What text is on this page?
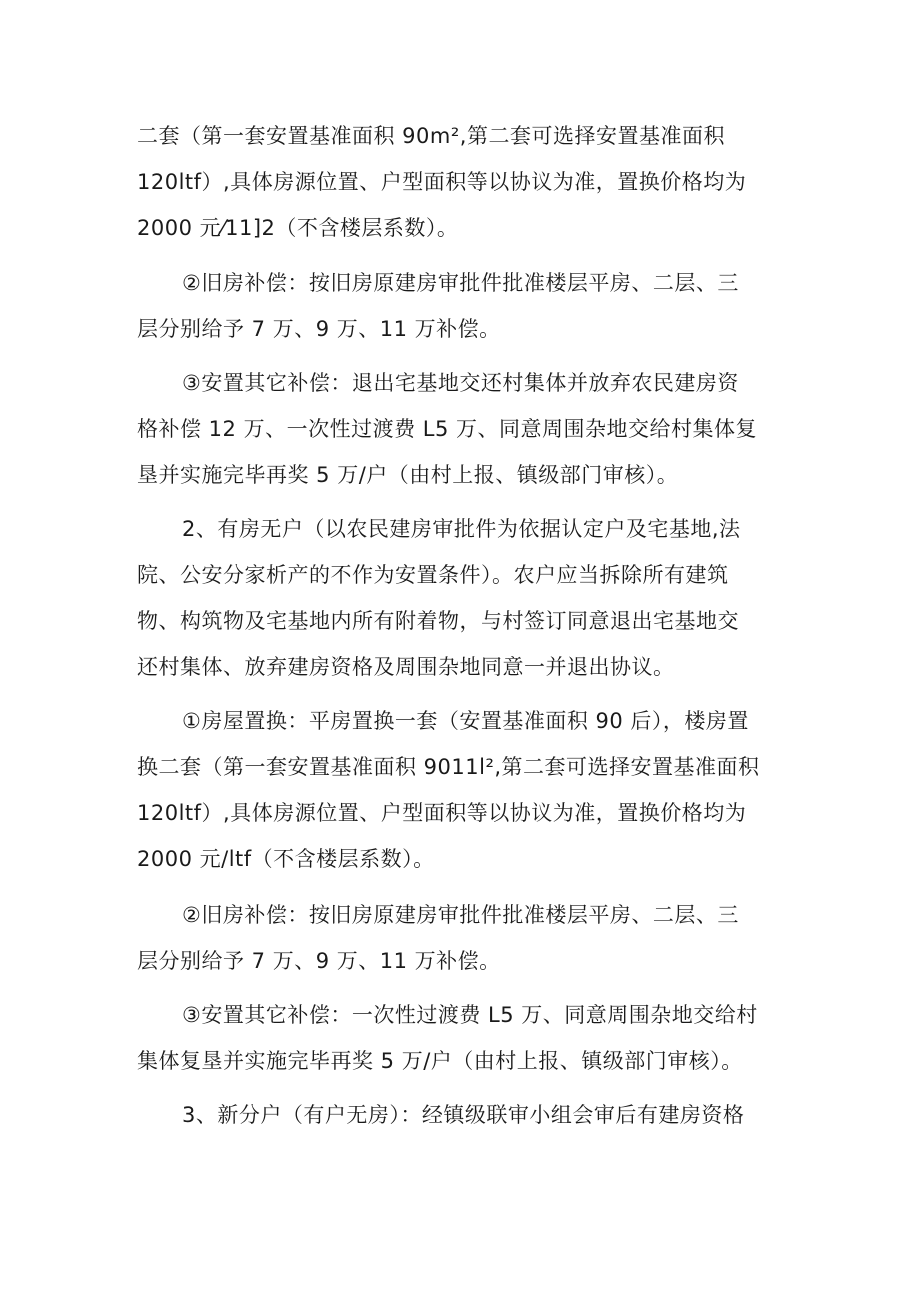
二套（第一套安置基准面积 90m²,第二套可选择安置基准面积
120ltf）,具体房源位置、户型面积等以协议为准，置换价格均为
2000 元⁄11]2（不含楼层系数）。
②旧房补偿：按旧房原建房审批件批准楼层平房、二层、三
层分别给予 7 万、9 万、11 万补偿。
③安置其它补偿：退出宅基地交还村集体并放弃农民建房资
格补偿 12 万、一次性过渡费 L5 万、同意周围杂地交给村集体复
垦并实施完毕再奖 5 万/户（由村上报、镇级部门审核）。
2、有房无户（以农民建房审批件为依据认定户及宅基地,法
院、公安分家析产的不作为安置条件）。农户应当拆除所有建筑
物、构筑物及宅基地内所有附着物，与村签订同意退出宅基地交
还村集体、放弃建房资格及周围杂地同意一并退出协议。
①房屋置换：平房置换一套（安置基准面积 90 后），楼房置
换二套（第一套安置基准面积 9011l²,第二套可选择安置基准面积
120ltf）,具体房源位置、户型面积等以协议为准，置换价格均为
2000 元/ltf（不含楼层系数）。
②旧房补偿：按旧房原建房审批件批准楼层平房、二层、三
层分别给予 7 万、9 万、11 万补偿。
③安置其它补偿：一次性过渡费 L5 万、同意周围杂地交给村
集体复垦并实施完毕再奖 5 万/户（由村上报、镇级部门审核）。
3、新分户（有户无房）：经镇级联审小组会审后有建房资格
